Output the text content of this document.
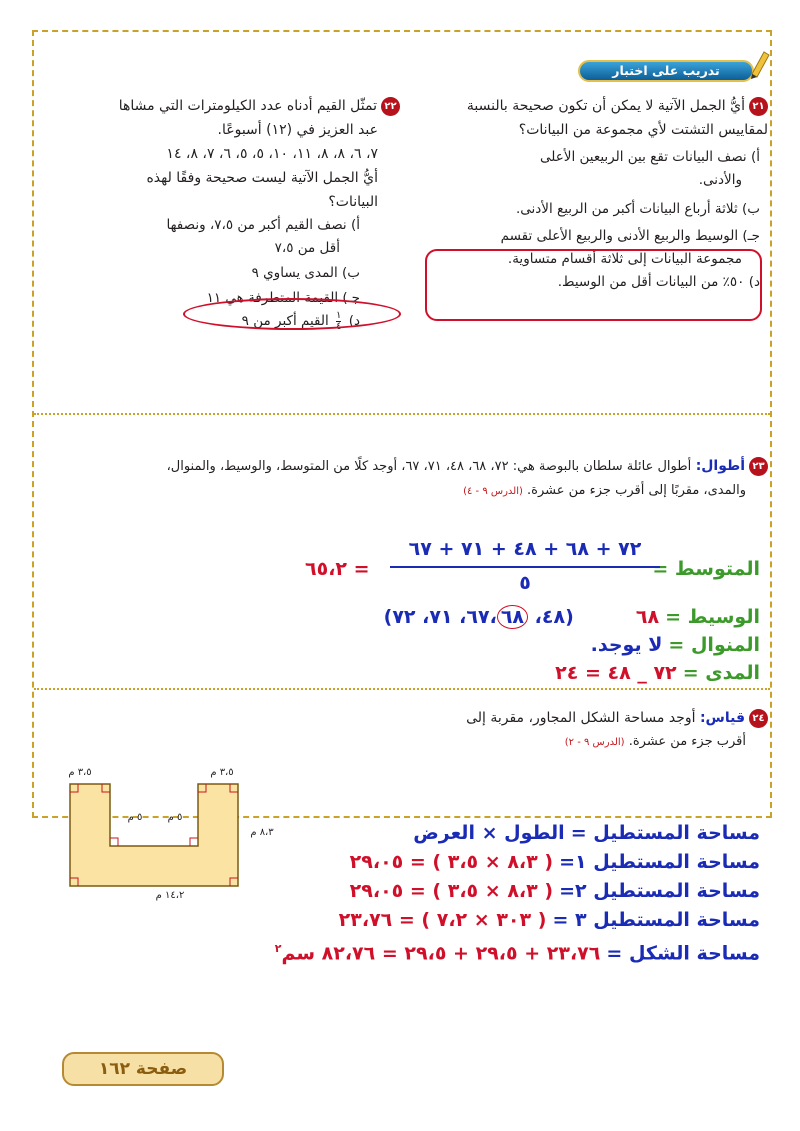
تدريب على اختبار
٢١أيُّ الجمل الآتية لا يمكن أن تكون صحيحة بالنسبة
لمقاييس التشتت لأي مجموعة من البيانات؟
أ) نصف البيانات تقع بين الربيعين الأعلى
والأدنى.
ب) ثلاثة أرباع البيانات أكبر من الربيع الأدنى.
جـ) الوسيط والربيع الأدنى والربيع الأعلى تقسم
مجموعة البيانات إلى ثلاثة أقسام متساوية.
د) ٥٠٪ من البيانات أقل من الوسيط.
٢٢تمثّل القيم أدناه عدد الكيلومترات التي مشاها
عبد العزيز في (١٢) أسبوعًا.
٧، ٦، ٨، ٨، ١١، ١٠، ٥، ٥، ٦، ٧، ٨، ١٤
أيُّ الجمل الآتية ليست صحيحة وفقًا لهذه
البيانات؟
أ) نصف القيم أكبر من ٧،٥، ونصفها
أقل من ٧،٥
ب) المدى يساوي ٩
جـ) القيمة المتطرفة هي ١١
د)
١
٤
القيم أكبر من ٩
٢٣أطوال: أطوال عائلة سلطان بالبوصة هي: ٧٢، ٦٨، ٤٨، ٧١، ٦٧، أوجد كلًا من المتوسط، والوسيط، والمنوال،
والمدى، مقربًا إلى أقرب جزء من عشرة. (الدرس ٩ - ٤)
المتوسط =
٧٢ + ٦٨ + ٤٨ + ٧١ + ٦٧
٥
= ٦٥،٢
الوسيط = ٦٨  (٤٨، ٦٧،٦٨، ٧١، ٧٢)
المنوال = لا يوجد.
المدى = ٧٢ _ ٤٨ = ٢٤
٢٤قياس: أوجد مساحة الشكل المجاور، مقربة إلى
أقرب جزء من عشرة. (الدرس ٩ - ٢)
٣،٥ م	٣،٥ م
٥ م	٥ م
٨،٣ م
١٤،٢ م
مساحة المستطيل = الطول × العرض
مساحة المستطيل ١= ( ٨،٣ × ٣،٥ ) = ٢٩،٠٥
مساحة المستطيل ٢= ( ٨،٣ × ٣،٥ ) = ٢٩،٠٥
مساحة المستطيل ٣ = ( ٣٠٣ × ٧،٢ ) = ٢٣،٧٦
مساحة الشكل = ٢٣،٧٦ + ٢٩،٥ + ٢٩،٥ = ٨٢،٧٦ سم$^٢$
صفحة ١٦٢
